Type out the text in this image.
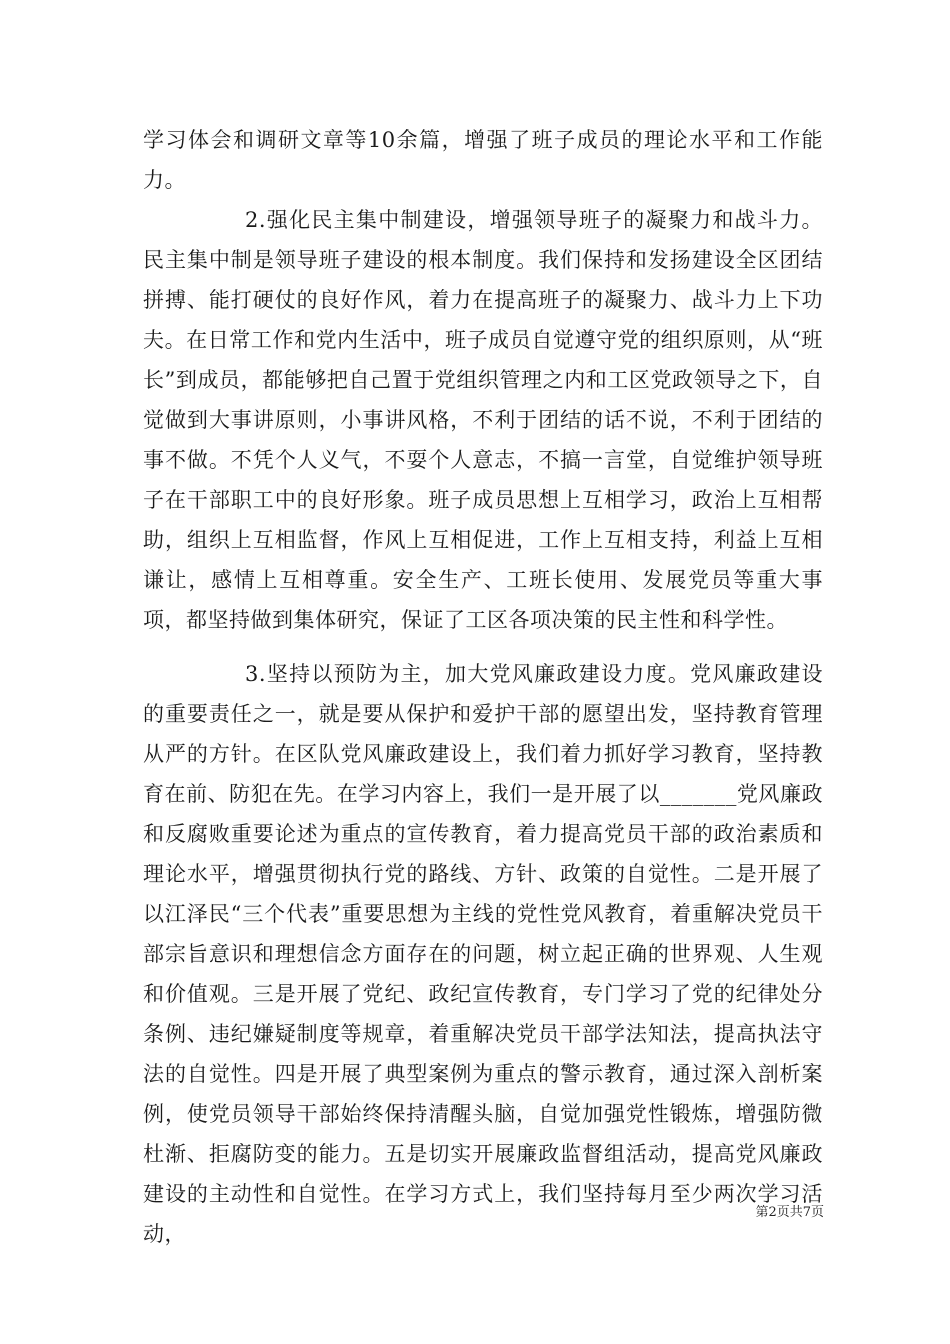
学习体会和调研文章等10余篇，增强了班子成员的理论水平和工作能力。

2.强化民主集中制建设，增强领导班子的凝聚力和战斗力。民主集中制是领导班子建设的根本制度。我们保持和发扬建设全区团结拼搏、能打硬仗的良好作风，着力在提高班子的凝聚力、战斗力上下功夫。在日常工作和党内生活中，班子成员自觉遵守党的组织原则，从“班长”到成员，都能够把自己置于党组织管理之内和工区党政领导之下，自觉做到大事讲原则，小事讲风格，不利于团结的话不说，不利于团结的事不做。不凭个人义气，不耍个人意志，不搞一言堂，自觉维护领导班子在干部职工中的良好形象。班子成员思想上互相学习，政治上互相帮助，组织上互相监督，作风上互相促进，工作上互相支持，利益上互相谦让，感情上互相尊重。安全生产、工班长使用、发展党员等重大事项，都坚持做到集体研究，保证了工区各项决策的民主性和科学性。

3.坚持以预防为主，加大党风廉政建设力度。党风廉政建设的重要责任之一，就是要从保护和爱护干部的愿望出发，坚持教育管理从严的方针。在区队党风廉政建设上，我们着力抓好学习教育，坚持教育在前、防犯在先。在学习内容上，我们一是开展了以_______党风廉政和反腐败重要论述为重点的宣传教育，着力提高党员干部的政治素质和理论水平，增强贯彻执行党的路线、方针、政策的自觉性。二是开展了以江泽民“三个代表”重要思想为主线的党性党风教育，着重解决党员干部宗旨意识和理想信念方面存在的问题，树立起正确的世界观、人生观和价值观。三是开展了党纪、政纪宣传教育，专门学习了党的纪律处分条例、违纪嫌疑制度等规章，着重解决党员干部学法知法，提高执法守法的自觉性。四是开展了典型案例为重点的警示教育，通过深入剖析案例，使党员领导干部始终保持清醒头脑，自觉加强党性锻炼，增强防微杜渐、拒腐防变的能力。五是切实开展廉政监督组活动，提高党风廉政建设的主动性和自觉性。在学习方式上，我们坚持每月至少两次学习活动，

第2页共7页
